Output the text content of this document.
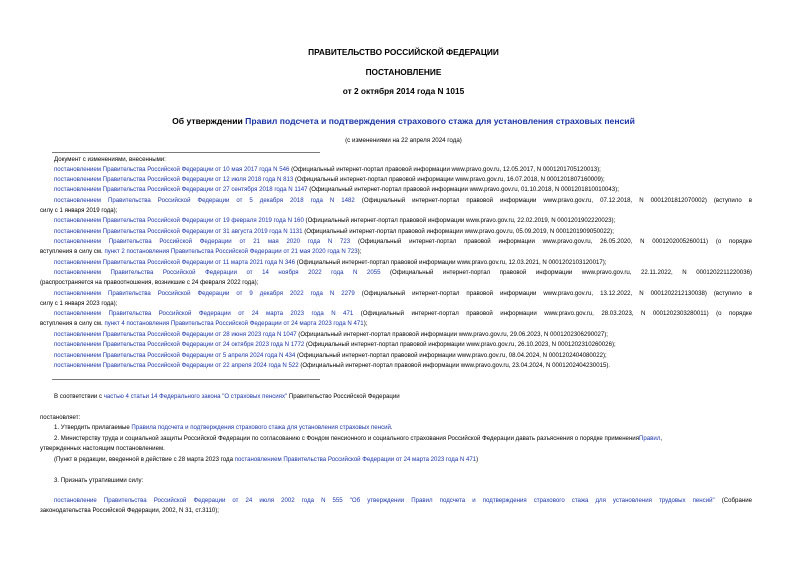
ПРАВИТЕЛЬСТВО РОССИЙСКОЙ ФЕДЕРАЦИИ
ПОСТАНОВЛЕНИЕ
от 2 октября 2014 года N 1015
Об утверждении Правил подсчета и подтверждения страхового стажа для установления страховых пенсий
(с изменениями на 22 апреля 2024 года)
Документ с изменениями, внесенными:
постановлением Правительства Российской Федерации от 10 мая 2017 года N 546 (Официальный интернет-портал правовой информации www.pravo.gov.ru, 12.05.2017, N 0001201705120013);
постановлением Правительства Российской Федерации от 12 июля 2018 года N 813 (Официальный интернет-портал правовой информации www.pravo.gov.ru, 16.07.2018, N 0001201807160009);
постановлением Правительства Российской Федерации от 27 сентября 2018 года N 1147 (Официальный интернет-портал правовой информации www.pravo.gov.ru, 01.10.2018, N 0001201810010043);
постановлением Правительства Российской Федерации от 5 декабря 2018 года N 1482 (Официальный интернет-портал правовой информации www.pravo.gov.ru, 07.12.2018, N 0001201812070002) (вступило в
силу с 1 января 2019 года);
постановлением Правительства Российской Федерации от 19 февраля 2019 года N 160 (Официальный интернет-портал правовой информации www.pravo.gov.ru, 22.02.2019, N 0001201902220023);
постановлением Правительства Российской Федерации от 31 августа 2019 года N 1131 (Официальный интернет-портал правовой информации www.pravo.gov.ru, 05.09.2019, N 0001201909050022);
постановлением Правительства Российской Федерации от 21 мая 2020 года N 723 (Официальный интернет-портал правовой информации www.pravo.gov.ru, 26.05.2020, N 0001202005260011) (о порядке
вступления в силу см. пункт 2 постановления Правительства Российской Федерации от 21 мая 2020 года N 723);
постановлением Правительства Российской Федерации от 11 марта 2021 года N 346 (Официальный интернет-портал правовой информации www.pravo.gov.ru, 12.03.2021, N 0001202103120017);
постановлением Правительства Российской Федерации от 14 ноября 2022 года N 2055 (Официальный интернет-портал правовой информации www.pravo.gov.ru, 22.11.2022, N 0001202211220036)
(распространяется на правоотношения, возникшие с 24 февраля 2022 года);
постановлением Правительства Российской Федерации от 9 декабря 2022 года N 2279 (Официальный интернет-портал правовой информации www.pravo.gov.ru, 13.12.2022, N 0001202212130038) (вступило в
силу с 1 января 2023 года);
постановлением Правительства Российской Федерации от 24 марта 2023 года N 471 (Официальный интернет-портал правовой информации www.pravo.gov.ru, 28.03.2023, N 0001202303280011) (о порядке
вступления в силу см. пункт 4 постановления Правительства Российской Федерации от 24 марта 2023 года N 471);
постановлением Правительства Российской Федерации от 28 июня 2023 года N 1047 (Официальный интернет-портал правовой информации www.pravo.gov.ru, 29.06.2023, N 0001202306290027);
постановлением Правительства Российской Федерации от 24 октября 2023 года N 1772 (Официальный интернет-портал правовой информации www.pravo.gov.ru, 26.10.2023, N 0001202310260026);
постановлением Правительства Российской Федерации от 5 апреля 2024 года N 434 (Официальный интернет-портал правовой информации www.pravo.gov.ru, 08.04.2024, N 0001202404080022);
постановлением Правительства Российской Федерации от 22 апреля 2024 года N 522 (Официальный интернет-портал правовой информации www.pravo.gov.ru, 23.04.2024, N 0001202404230015).
В соответствии с частью 4 статьи 14 Федерального закона "О страховых пенсиях" Правительство Российской Федерации
постановляет:
1. Утвердить прилагаемые Правила подсчета и подтверждения страхового стажа для установления страховых пенсий.
2. Министерству труда и социальной защиты Российской Федерации по согласованию с Фондом пенсионного и социального страхования Российской Федерации давать разъяснения о порядке примененияПравил,
утвержденных настоящим постановлением.
(Пункт в редакции, введенной в действие с 28 марта 2023 года постановлением Правительства Российской Федерации от 24 марта 2023 года N 471)
3. Признать утратившими силу:
постановление Правительства Российской Федерации от 24 июля 2002 года N 555 "Об утверждении Правил подсчета и подтверждения страхового стажа для установления трудовых пенсий" (Собрание
законодательства Российской Федерации, 2002, N 31, ст.3110);
